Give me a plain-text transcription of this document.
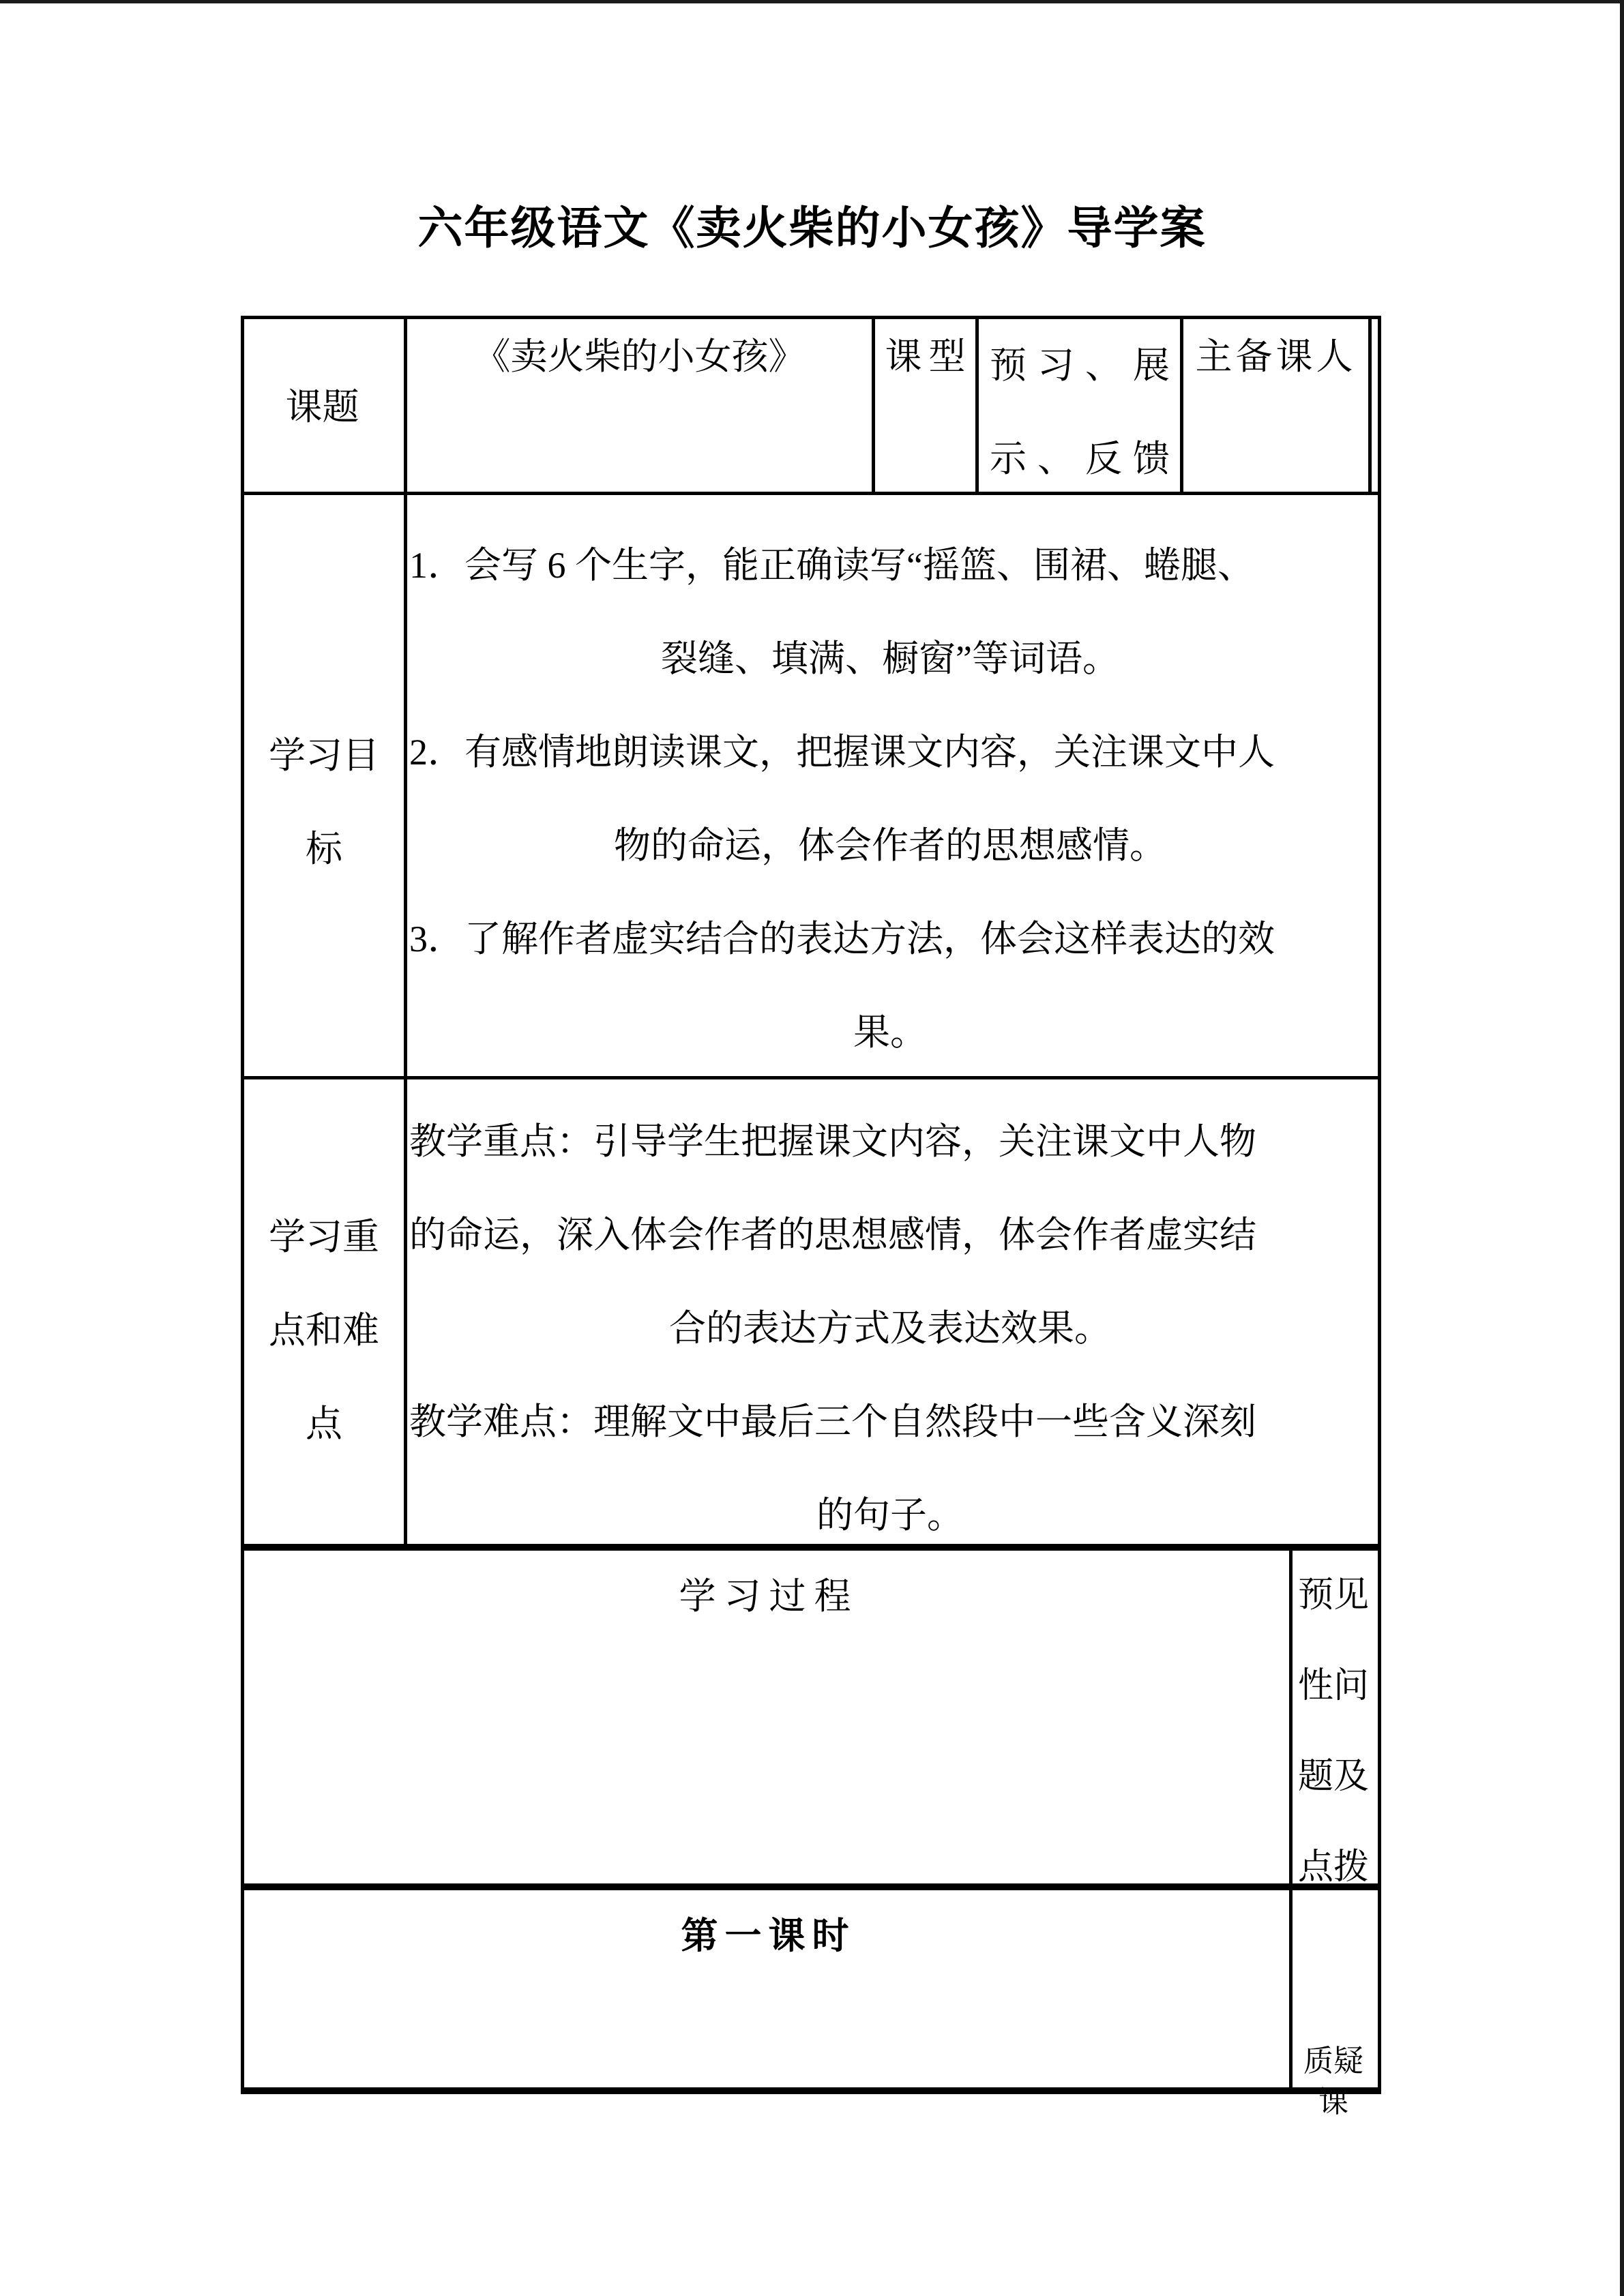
六年级语文《卖火柴的小女孩》导学案
课题
《卖火柴的小女孩》	课型 预习、展
示、反馈
主备课人
学习目
标
1．会写 6 个生字，能正确读写“摇篮、围裙、蜷腿、
裂缝、填满、橱窗”等词语。
2．有感情地朗读课文，把握课文内容，关注课文中人
物的命运，体会作者的思想感情。
3．了解作者虚实结合的表达方法，体会这样表达的效
果。
学习重
点和难
点
教学重点：引导学生把握课文内容，关注课文中人物
的命运，深入体会作者的思想感情，体会作者虚实结
合的表达方式及表达效果。
教学难点：理解文中最后三个自然段中一些含义深刻
的句子。
学习过程	预见
性问
题及
点拨
第一课时
质疑课
